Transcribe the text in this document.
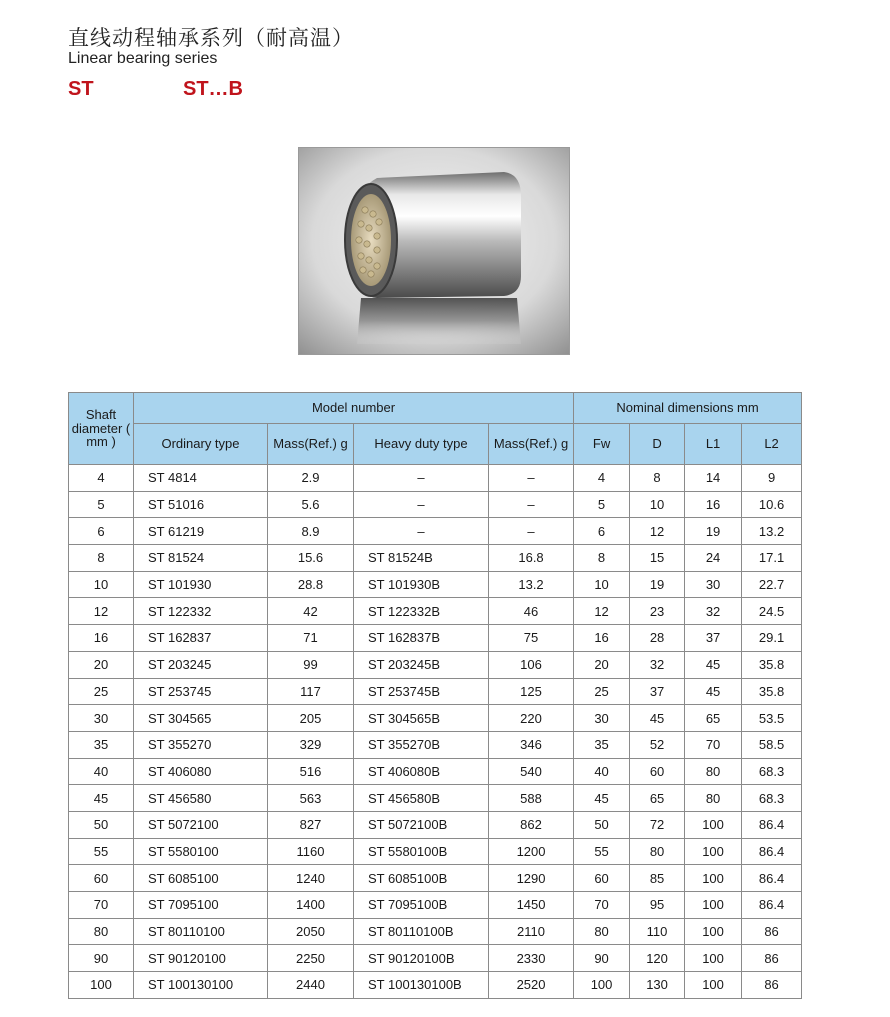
直线动程轴承系列（耐高温）
Linear bearing series
ST	ST…B
Shaft diameter ( mm )	Model number				Nominal dimensions mm			
	Ordinary type	Mass(Ref.) g	Heavy duty type	Mass(Ref.) g	Fw	D	L1	L2
4	ST 4814	2.9	–	–	4	8	14	9
5	ST 51016	5.6	–	–	5	10	16	10.6
6	ST 61219	8.9	–	–	6	12	19	13.2
8	ST 81524	15.6	ST 81524B	16.8	8	15	24	17.1
10	ST 101930	28.8	ST 101930B	13.2	10	19	30	22.7
12	ST 122332	42	ST 122332B	46	12	23	32	24.5
16	ST 162837	71	ST 162837B	75	16	28	37	29.1
20	ST 203245	99	ST 203245B	106	20	32	45	35.8
25	ST 253745	117	ST 253745B	125	25	37	45	35.8
30	ST 304565	205	ST 304565B	220	30	45	65	53.5
35	ST 355270	329	ST 355270B	346	35	52	70	58.5
40	ST 406080	516	ST 406080B	540	40	60	80	68.3
45	ST 456580	563	ST 456580B	588	45	65	80	68.3
50	ST 5072100	827	ST 5072100B	862	50	72	100	86.4
55	ST 5580100	1160	ST 5580100B	1200	55	80	100	86.4
60	ST 6085100	1240	ST 6085100B	1290	60	85	100	86.4
70	ST 7095100	1400	ST 7095100B	1450	70	95	100	86.4
80	ST 80110100	2050	ST 80110100B	2110	80	110	100	86
90	ST 90120100	2250	ST 90120100B	2330	90	120	100	86
100	ST 100130100	2440	ST 100130100B	2520	100	130	100	86
